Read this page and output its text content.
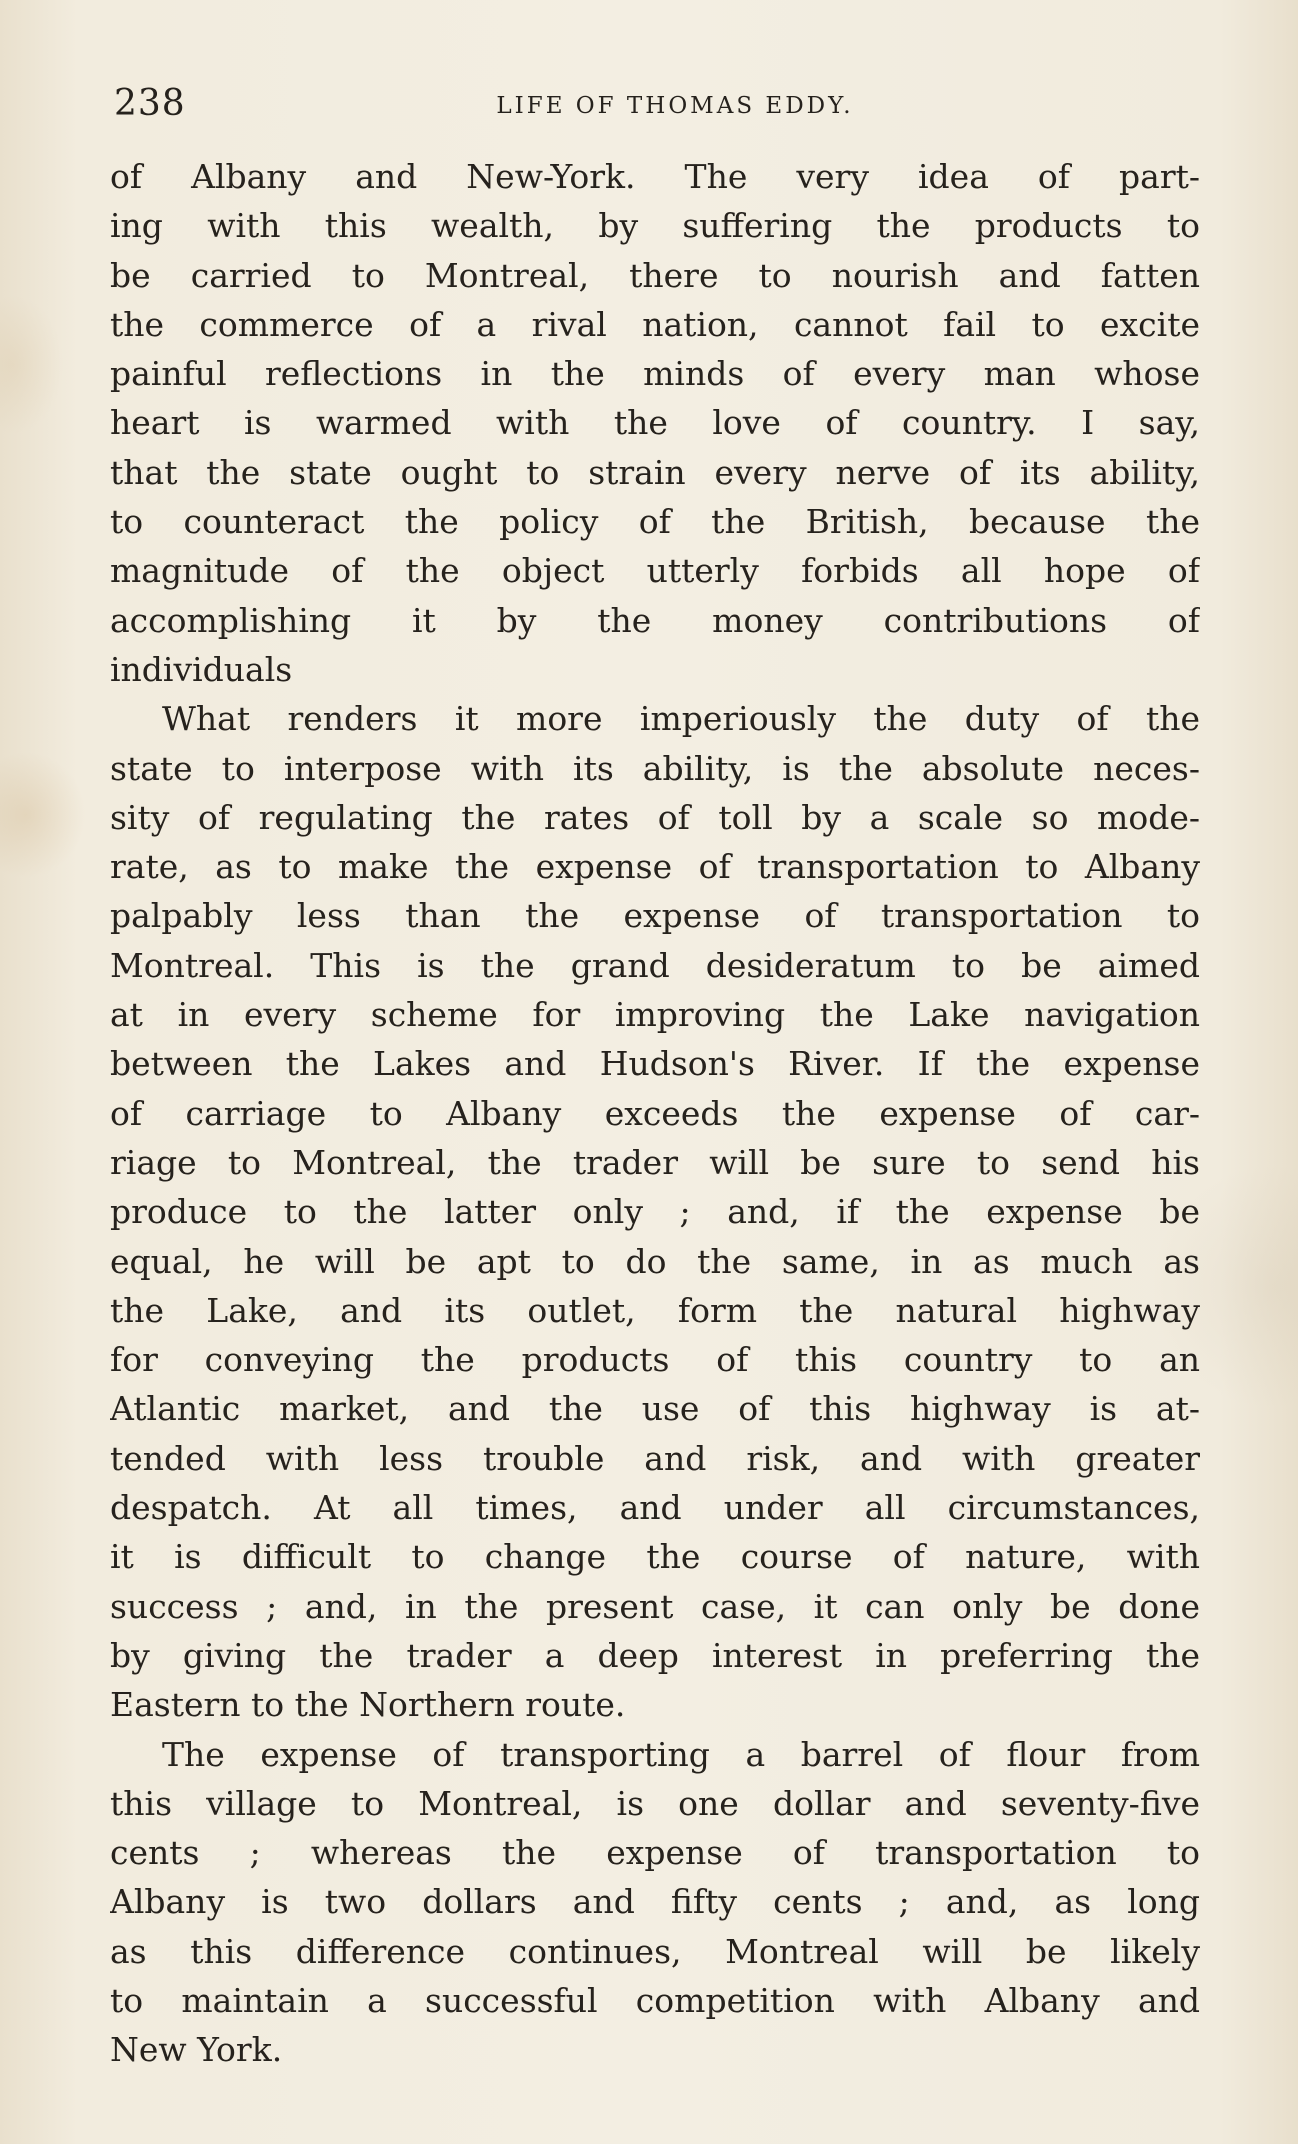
238	LIFE OF THOMAS EDDY.
of Albany and New-York. The very idea of part-
ing with this wealth, by suffering the products to
be carried to Montreal, there to nourish and fatten
the commerce of a rival nation, cannot fail to excite
painful reflections in the minds of every man whose
heart is warmed with the love of country. I say,
that the state ought to strain every nerve of its ability,
to counteract the policy of the British, because the
magnitude of the object utterly forbids all hope of
accomplishing it by the money contributions of
individuals
What renders it more imperiously the duty of the
state to interpose with its ability, is the absolute neces-
sity of regulating the rates of toll by a scale so mode-
rate, as to make the expense of transportation to Albany
palpably less than the expense of transportation to
Montreal. This is the grand desideratum to be aimed
at in every scheme for improving the Lake navigation
between the Lakes and Hudson's River. If the expense
of carriage to Albany exceeds the expense of car-
riage to Montreal, the trader will be sure to send his
produce to the latter only ; and, if the expense be
equal, he will be apt to do the same, in as much as
the Lake, and its outlet, form the natural highway
for conveying the products of this country to an
Atlantic market, and the use of this highway is at-
tended with less trouble and risk, and with greater
despatch. At all times, and under all circumstances,
it is difficult to change the course of nature, with
success ; and, in the present case, it can only be done
by giving the trader a deep interest in preferring the
Eastern to the Northern route.
The expense of transporting a barrel of flour from
this village to Montreal, is one dollar and seventy-five
cents ; whereas the expense of transportation to
Albany is two dollars and fifty cents ; and, as long
as this difference continues, Montreal will be likely
to maintain a successful competition with Albany and
New York.
